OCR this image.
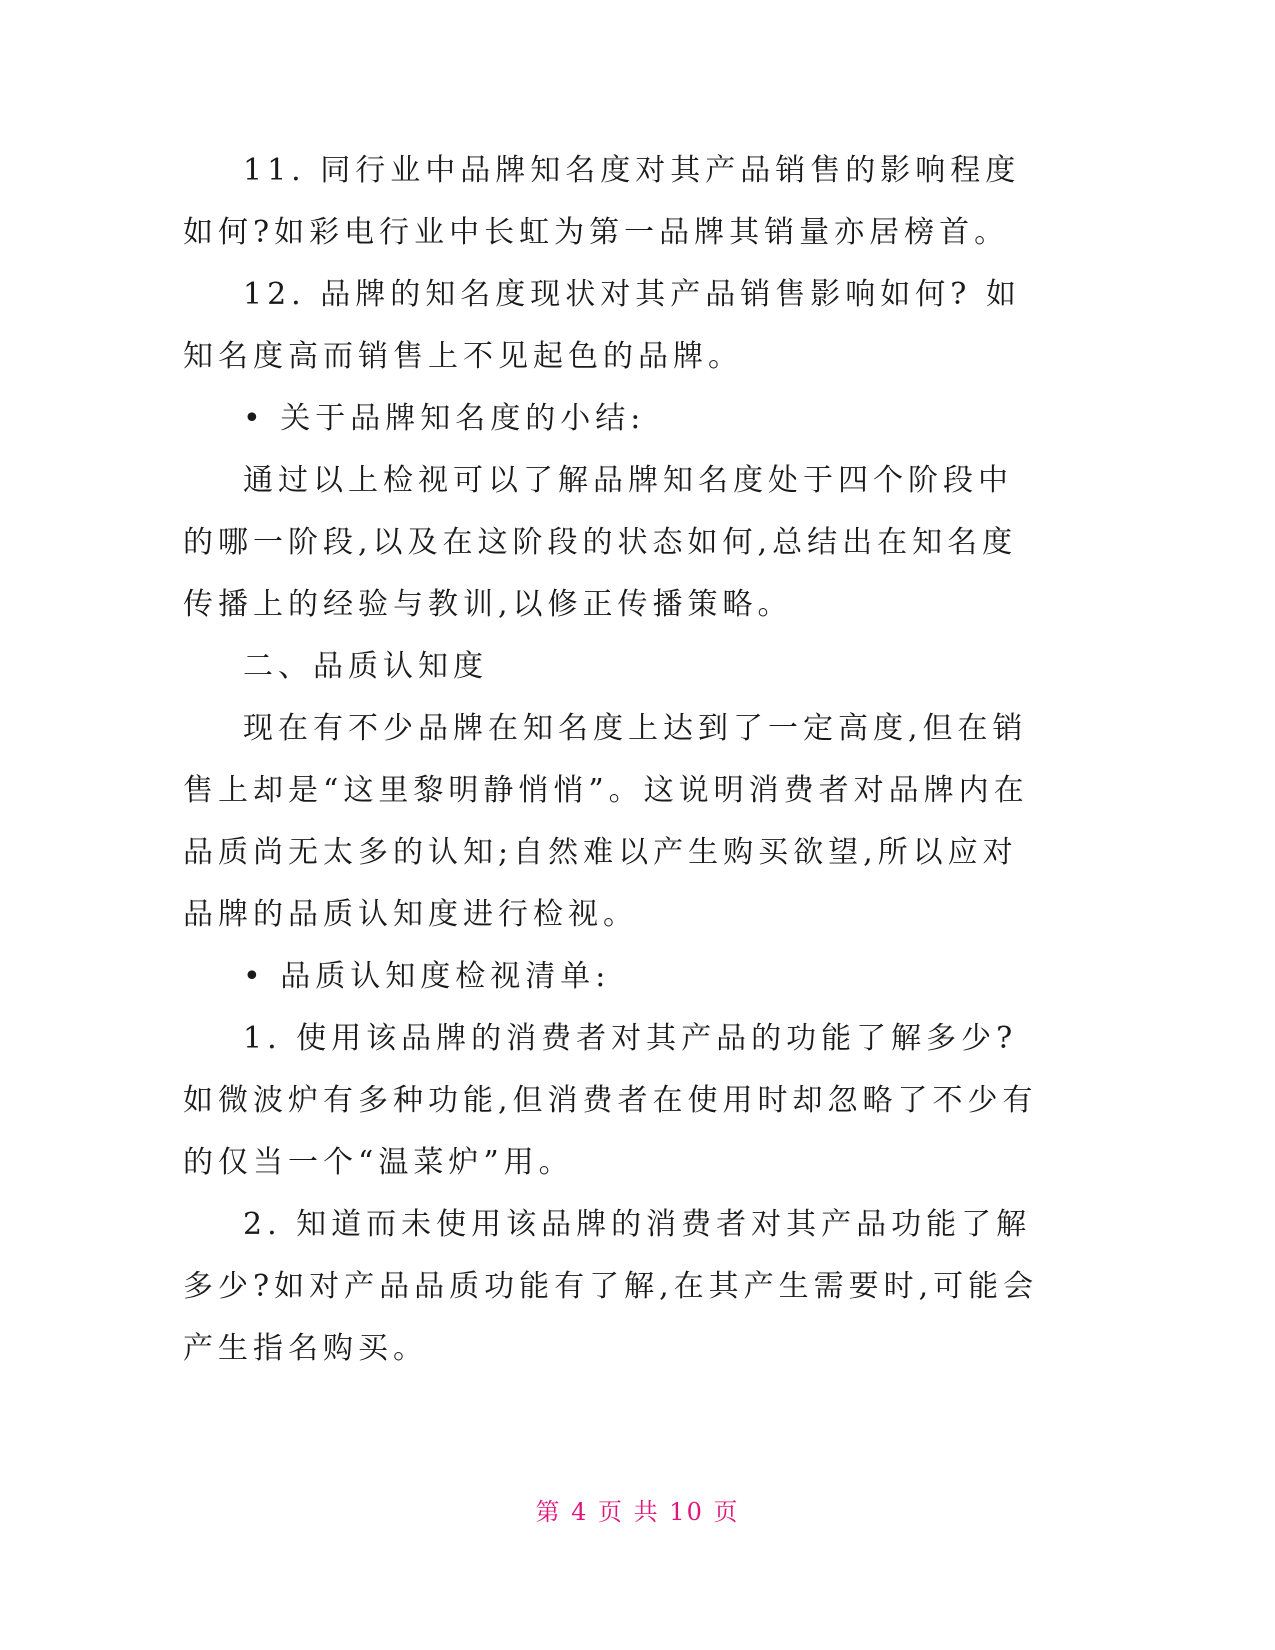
11. 同行业中品牌知名度对其产品销售的影响程度如何?如彩电行业中长虹为第一品牌其销量亦居榜首。

12. 品牌的知名度现状对其产品销售影响如何? 如知名度高而销售上不见起色的品牌。

• 关于品牌知名度的小结:

通过以上检视可以了解品牌知名度处于四个阶段中的哪一阶段,以及在这阶段的状态如何,总结出在知名度传播上的经验与教训,以修正传播策略。

二、品质认知度

现在有不少品牌在知名度上达到了一定高度,但在销售上却是“这里黎明静悄悄”。这说明消费者对品牌内在品质尚无太多的认知;自然难以产生购买欲望,所以应对品牌的品质认知度进行检视。

• 品质认知度检视清单:

1. 使用该品牌的消费者对其产品的功能了解多少?如微波炉有多种功能,但消费者在使用时却忽略了不少有的仅当一个“温菜炉”用。

2. 知道而未使用该品牌的消费者对其产品功能了解多少?如对产品品质功能有了解,在其产生需要时,可能会产生指名购买。

第 4 页 共 10 页
